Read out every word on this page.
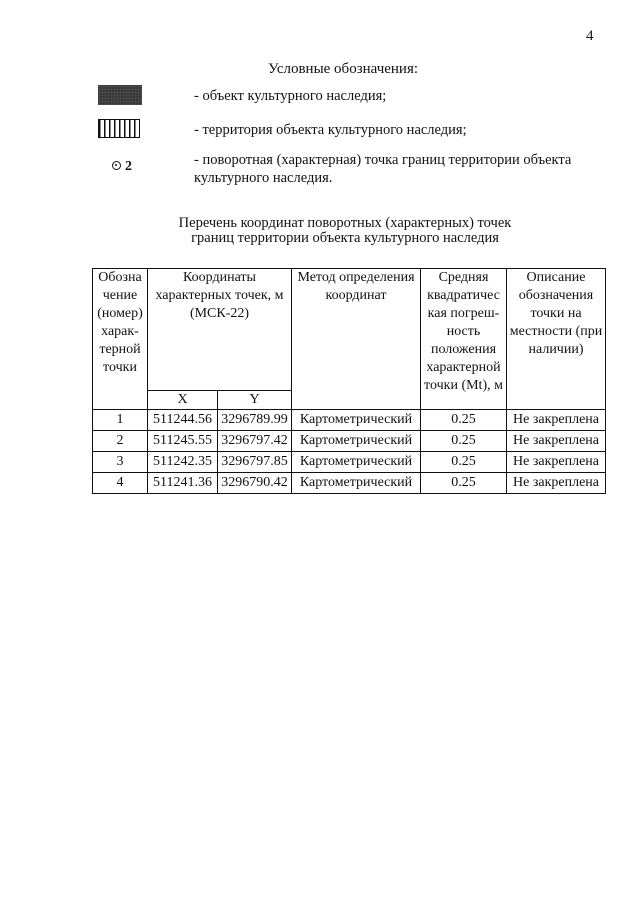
4
Условные обозначения:
- объект культурного наследия;
- территория объекта культурного наследия;
2	- поворотная (характерная) точка границ территории объекта культурного наследия.
Перечень координат поворотных (характерных) точек
границ территории объекта культурного наследия
Обозна чение (номер) харак- терной точки	Координаты характерных точек, м (МСК-22)		Метод определения координат	Средняя квадратичес кая погреш- ность положения характерной точки (Mt), м	Описание обозначения точки на местности (при наличии)
	X	Y			
1	511244.56	3296789.99	Картометрический	0.25	Не закреплена
2	511245.55	3296797.42	Картометрический	0.25	Не закреплена
3	511242.35	3296797.85	Картометрический	0.25	Не закреплена
4	511241.36	3296790.42	Картометрический	0.25	Не закреплена
